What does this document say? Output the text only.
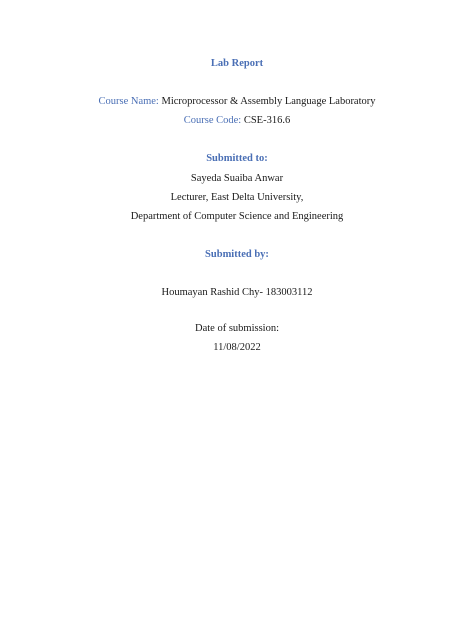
Lab Report
Course Name: Microprocessor & Assembly Language Laboratory
Course Code: CSE-316.6
Submitted to:
Sayeda Suaiba Anwar
Lecturer, East Delta University,
Department of Computer Science and Engineering
Submitted by:
Houmayan Rashid Chy- 183003112
Date of submission:
11/08/2022
